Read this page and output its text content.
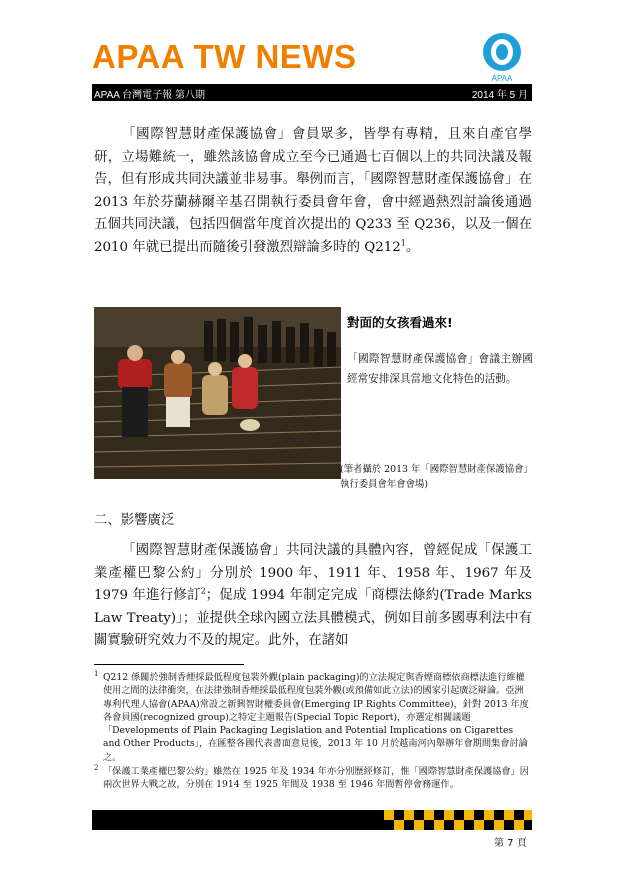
APAA TW NEWS
APAA
APAA 台灣電子報 第八期	2014 年 5 月

「國際智慧財產保護協會」會員眾多，皆學有專精，且來自產官學研，立場難統一，雖然該協會成立至今已通過七百個以上的共同決議及報告，但有形成共同決議並非易事。舉例而言，「國際智慧財產保護協會」在 2013 年於芬蘭赫爾辛基召開執行委員會年會，會中經過熱烈討論後通過五個共同決議，包括四個當年度首次提出的 Q233 至 Q236，以及一個在 2010 年就已提出而隨後引發激烈辯論多時的 $Q212^1$。

對面的女孩看過來!

「國際智慧財產保護協會」會議主辦國經常安排深具當地文化特色的活動。

(筆者攝於 2013 年「國際智慧財產保護協會」執行委員會年會會場)

二、影響廣泛

「國際智慧財產保護協會」共同決議的具體內容，曾經促成「保護工業產權巴黎公約」分別於 1900 年、1911 年、1958 年、1967 年及 1979 年進行修訂$^2$；促成 1994 年制定完成「商標法條約(Trade Marks Law Treaty)」；並提供全球內國立法具體模式，例如目前多國專利法中有關實驗研究效力不及的規定。此外，在諸如

1 Q212 係關於強制香煙採最低程度包裝外觀(plain packaging)的立法規定與香煙商標依商標法進行維權使用之間的法律衝突，在法律強制香煙採最低程度包裝外觀(或預備如此立法)的國家引起廣泛辯論。亞洲專利代理人協會(APAA)常設之新興智財權委員會(Emerging IP Rights Committee)，針對 2013 年度各會員國(recognized group)之特定主題報告(Special Topic Report)，亦選定相關議題「Developments of Plain Packaging Legislation and Potential Implications on Cigarettes and Other Products」，在匯整各國代表書面意見後，2013 年 10 月於越南河內舉辦年會期間集會討論之。

2 「保護工業產權巴黎公約」雖然在 1925 年及 1934 年亦分別歷經修訂，惟「國際智慧財產保護協會」因兩次世界大戰之故，分別在 1914 至 1925 年間及 1938 至 1946 年間暫停會務運作。

第 7 頁
